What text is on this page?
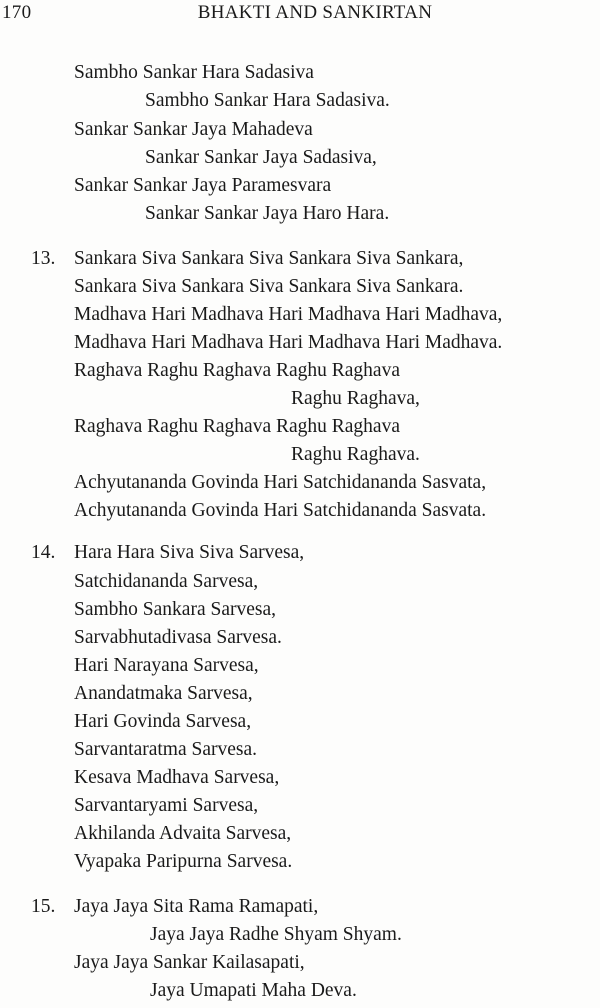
170	BHAKTI AND SANKIRTAN
Sambho Sankar Hara Sadasiva
Sambho Sankar Hara Sadasiva.
Sankar Sankar Jaya Mahadeva
Sankar Sankar Jaya Sadasiva,
Sankar Sankar Jaya Paramesvara
Sankar Sankar Jaya Haro Hara.
13. Sankara Siva Sankara Siva Sankara Siva Sankara,
Sankara Siva Sankara Siva Sankara Siva Sankara.
Madhava Hari Madhava Hari Madhava Hari Madhava,
Madhava Hari Madhava Hari Madhava Hari Madhava.
Raghava Raghu Raghava Raghu Raghava
Raghu Raghava,
Raghava Raghu Raghava Raghu Raghava
Raghu Raghava.
Achyutananda Govinda Hari Satchidananda Sasvata,
Achyutananda Govinda Hari Satchidananda Sasvata.
14. Hara Hara Siva Siva Sarvesa,
Satchidananda Sarvesa,
Sambho Sankara Sarvesa,
Sarvabhutadivasa Sarvesa.
Hari Narayana Sarvesa,
Anandatmaka Sarvesa,
Hari Govinda Sarvesa,
Sarvantaratma Sarvesa.
Kesava Madhava Sarvesa,
Sarvantaryami Sarvesa,
Akhilanda Advaita Sarvesa,
Vyapaka Paripurna Sarvesa.
15. Jaya Jaya Sita Rama Ramapati,
Jaya Jaya Radhe Shyam Shyam.
Jaya Jaya Sankar Kailasapati,
Jaya Umapati Maha Deva.
